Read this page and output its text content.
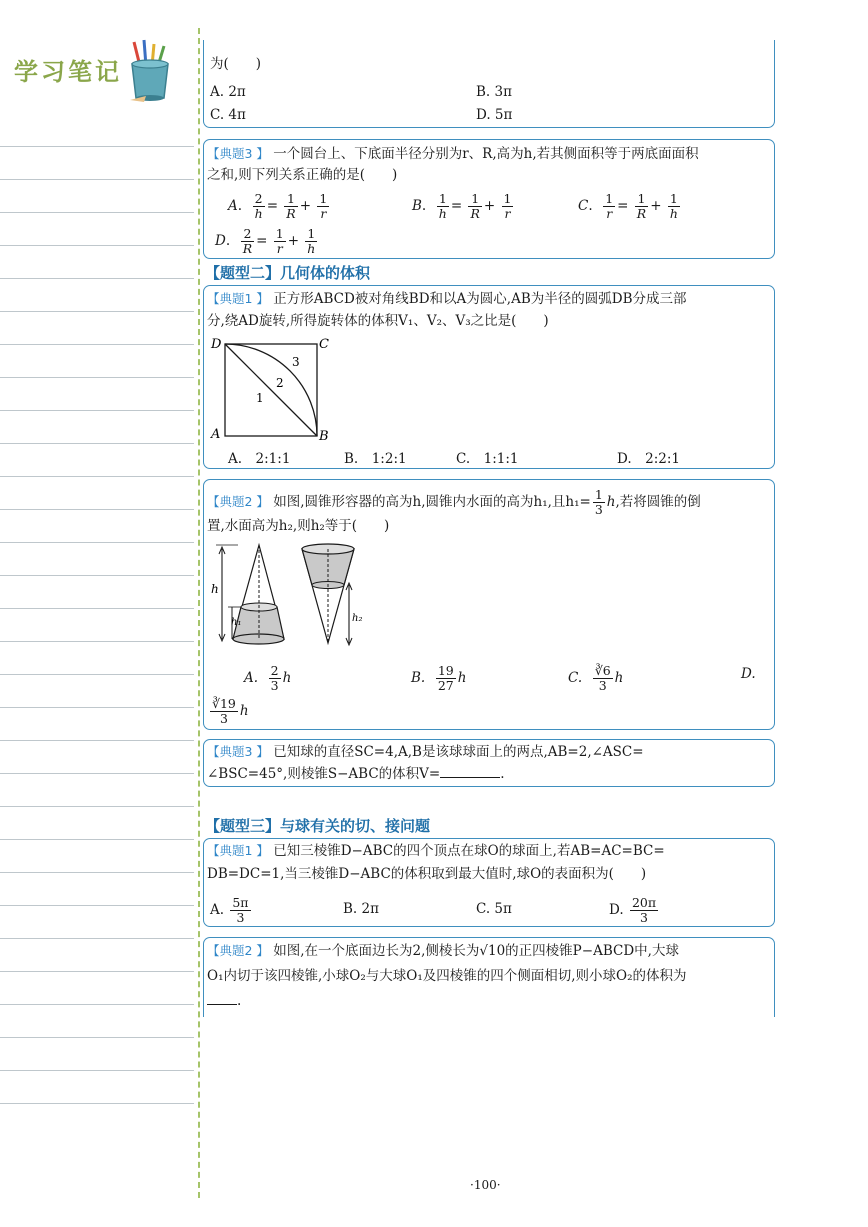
学习笔记	为(　　)
A. 2π	B. 3π
C. 4π	D. 5π
【典题3 】 一个圆台上、下底面半径分别为r、R,高为h,若其侧面积等于两底面面积
之和,则下列关系正确的是(　　)
A. $\frac{2}{h} = \frac{1}{R} + \frac{1}{r}$	B. $\frac{1}{h} = \frac{1}{R} + \frac{1}{r}$	C. $\frac{1}{r} = \frac{1}{R} + \frac{1}{h}$
D. $\frac{2}{R} = \frac{1}{r} + \frac{1}{h}$
【题型二】几何体的体积
【典题1 】 正方形ABCD被对角线BD和以A为圆心,AB为半径的圆弧DB分成三部
分,绕AD旋转,所得旋转体的体积V₁、V₂、V₃之比是(　　)
D	C
A	B
1
2
3
A.　2:1:1	B.　1:2:1	C.　1:1:1	D.　2:2:1
【典题2 】 如图,圆锥形容器的高为h,圆锥内水面的高为h₁,且$h_1= \frac{1}{3} h$,若将圆锥的倒
置,水面高为h₂,则h₂等于(　　)
h
h₁	h₂
A. $\frac{2}{3}$ h	B. $\frac{19}{27}$ h	C. $\frac{∛6}{3}$ h	D.
$\frac{∛19}{3}$ h
【典题3 】 已知球的直径SC=4,A,B是该球球面上的两点,AB=2,∠ASC=
∠BSC=45°,则棱锥S−ABC的体积V=	.
【题型三】与球有关的切、接问题
【典题1 】 已知三棱锥D−ABC的四个顶点在球O的球面上,若AB=AC=BC=
DB=DC=1,当三棱锥D−ABC的体积取到最大值时,球O的表面积为(　　)
A. $\frac{5\pi}{3}$	B. 2π	C. 5π	D. $\frac{20\pi}{3}$
【典题2 】 如图,在一个底面边长为2,侧棱长为√10的正四棱锥P−ABCD中,大球
O₁内切于该四棱锥,小球O₂与大球O₁及四棱锥的四个侧面相切,则小球O₂的体积为
.
·100·
